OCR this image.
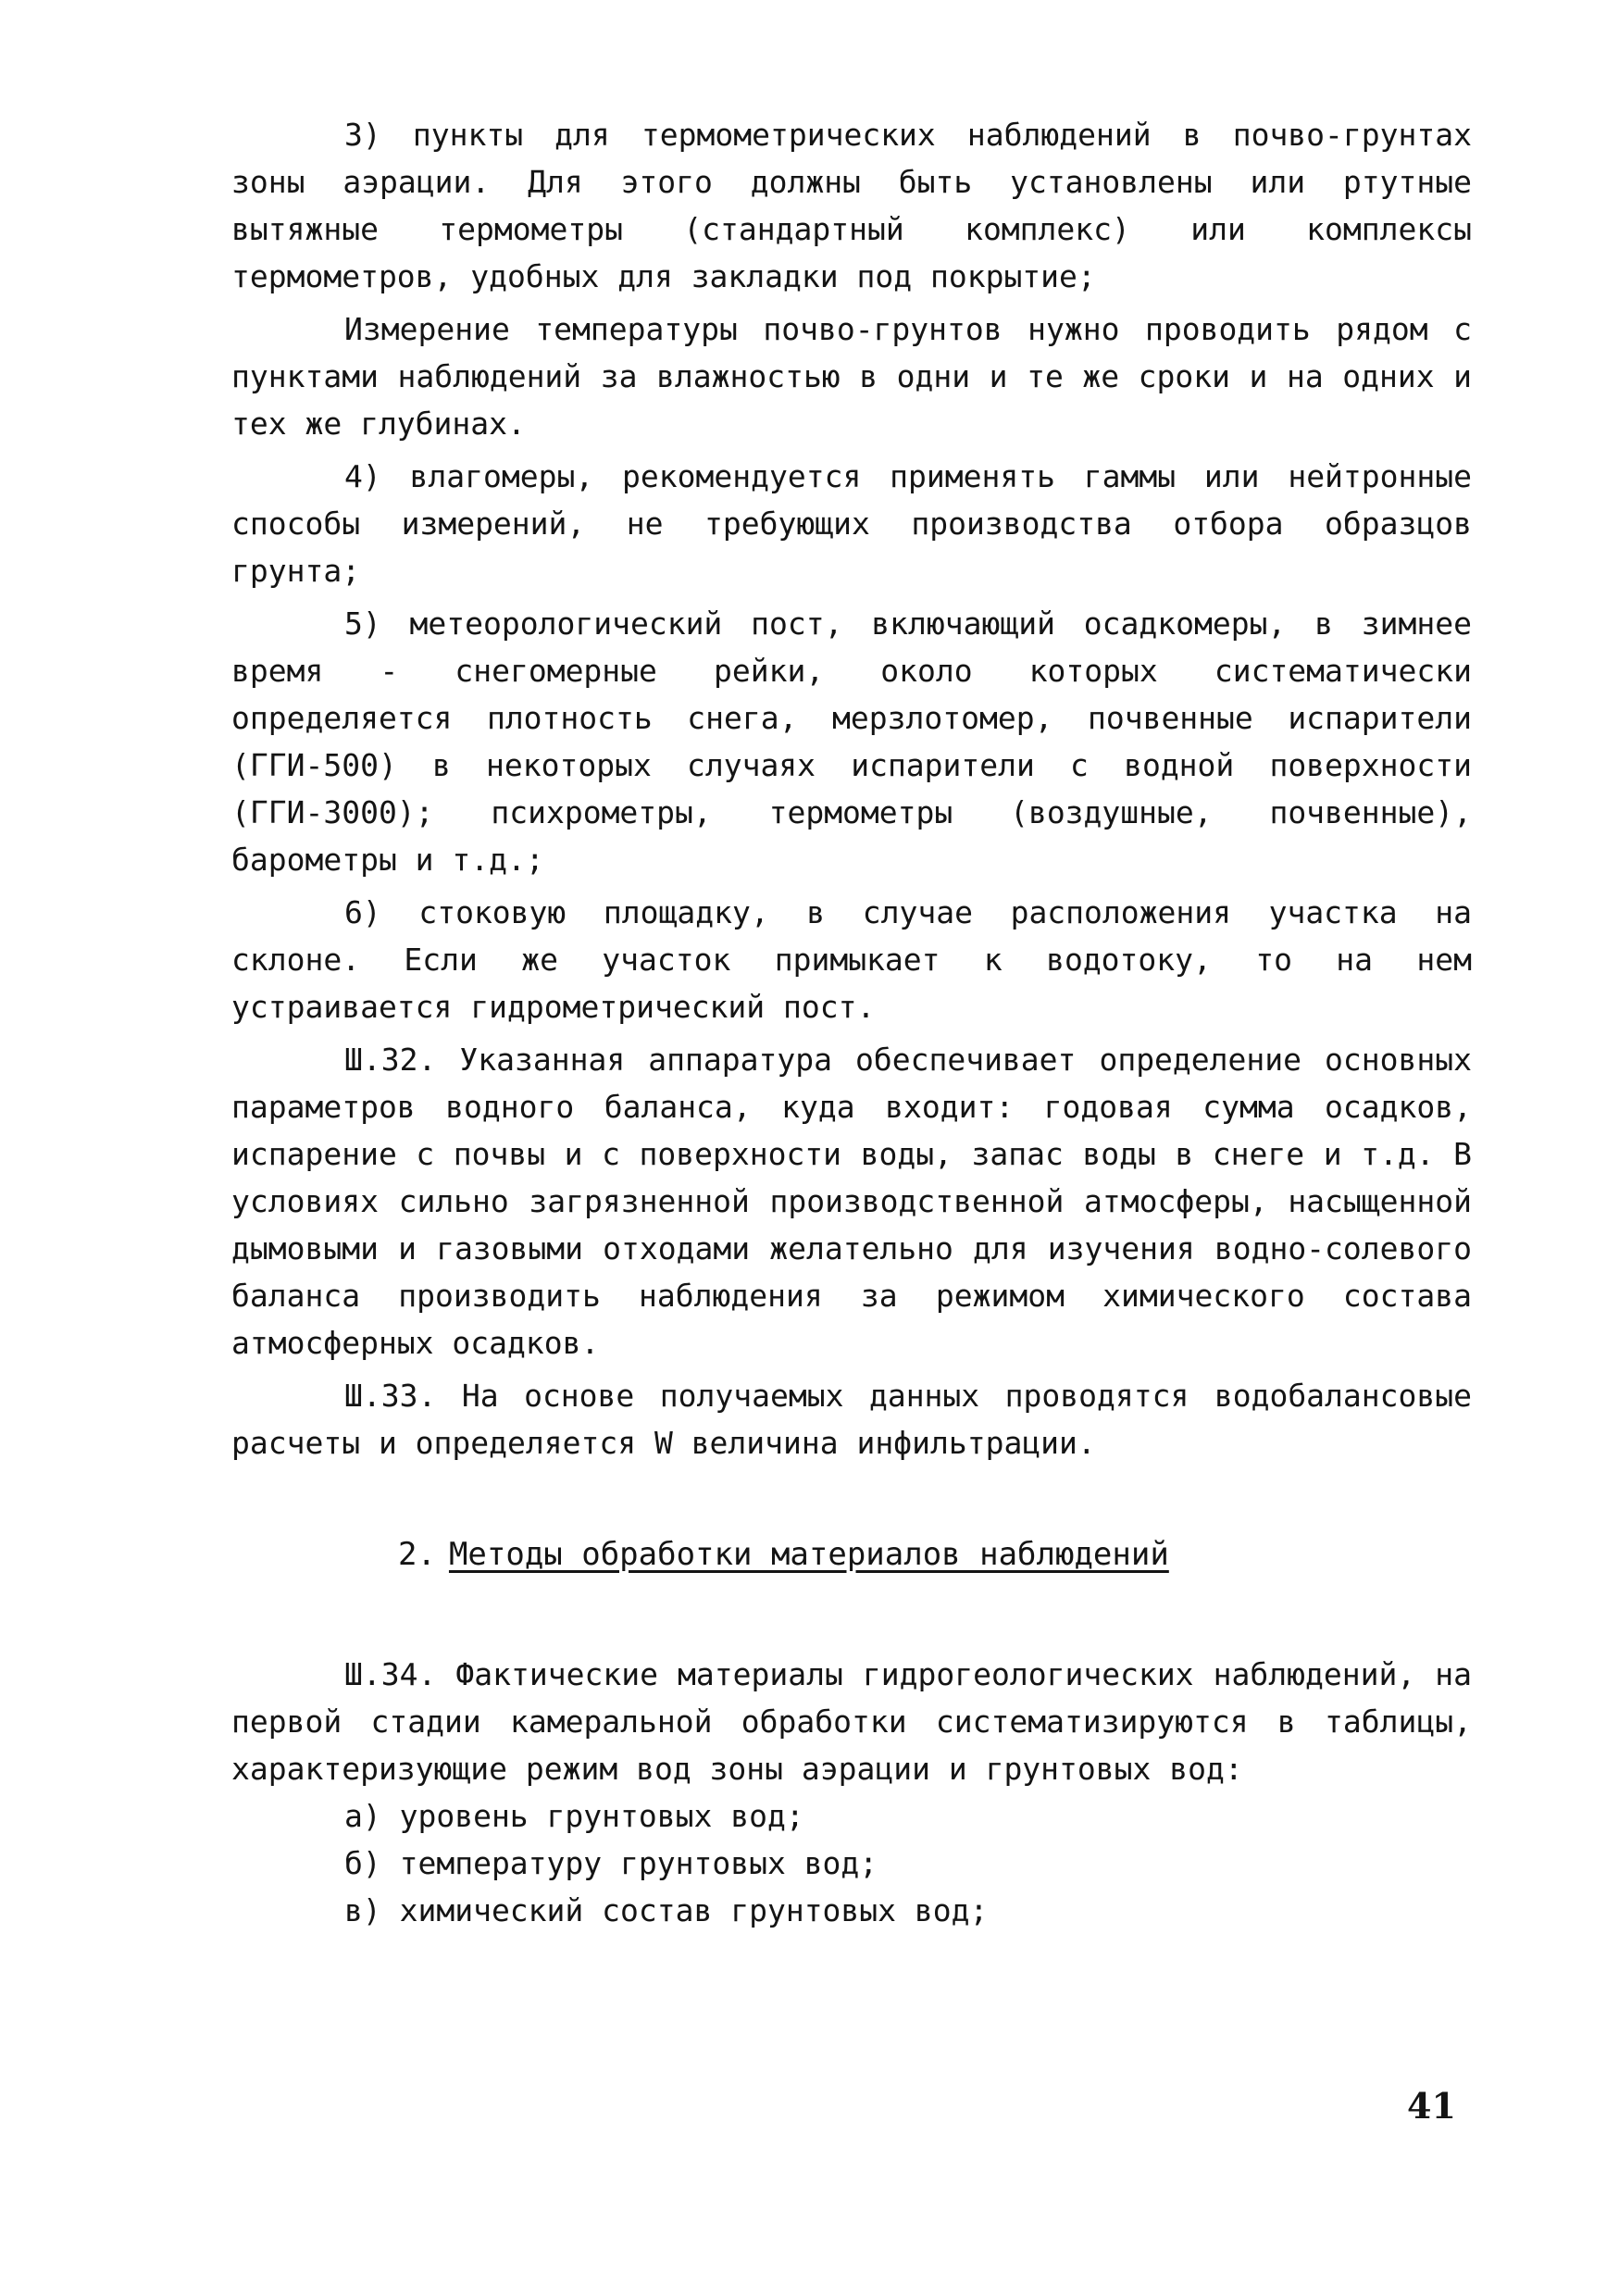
3) пункты для термометрических наблюдений в почво-грунтах зоны аэрации. Для этого должны быть установлены или ртутные вытяжные термометры (стандартный комплекс) или комплексы термометров, удобных для закладки под покрытие;

Измерение температуры почво-грунтов нужно проводить рядом с пунктами наблюдений за влажностью в одни и те же сроки и на одних и тех же глубинах.

4) влагомеры, рекомендуется применять гаммы или нейтронные способы измерений, не требующих производства отбора образцов грунта;

5) метеорологический пост, включающий осадкомеры, в зимнее время - снегомерные рейки, около которых систематически определяется плотность снега, мерзлотомер, почвенные испарители (ГГИ-500) в некоторых случаях испарители с водной поверхности (ГГИ-3000); психрометры, термометры (воздушные, почвенные), барометры и т.д.;

6) стоковую площадку, в случае расположения участка на склоне. Если же участок примыкает к водотоку, то на нем устраивается гидрометрический пост.

Ш.32. Указанная аппаратура обеспечивает определение основных параметров водного баланса, куда входит: годовая сумма осадков, испарение с почвы и с поверхности воды, запас воды в снеге и т.д. В условиях сильно загрязненной производственной атмосферы, насыщенной дымовыми и газовыми отходами желательно для изучения водно-солевого баланса производить наблюдения за режимом химического состава атмосферных осадков.

Ш.33. На основе получаемых данных проводятся водобалансовые расчеты и определяется W величина инфильтрации.

2. Методы обработки материалов наблюдений

Ш.34. Фактические материалы гидрогеологических наблюдений, на первой стадии камеральной обработки систематизируются в таблицы, характеризующие режим вод зоны аэрации и грунтовых вод:

а) уровень грунтовых вод;

б) температуру грунтовых вод;

в) химический состав грунтовых вод;

41
